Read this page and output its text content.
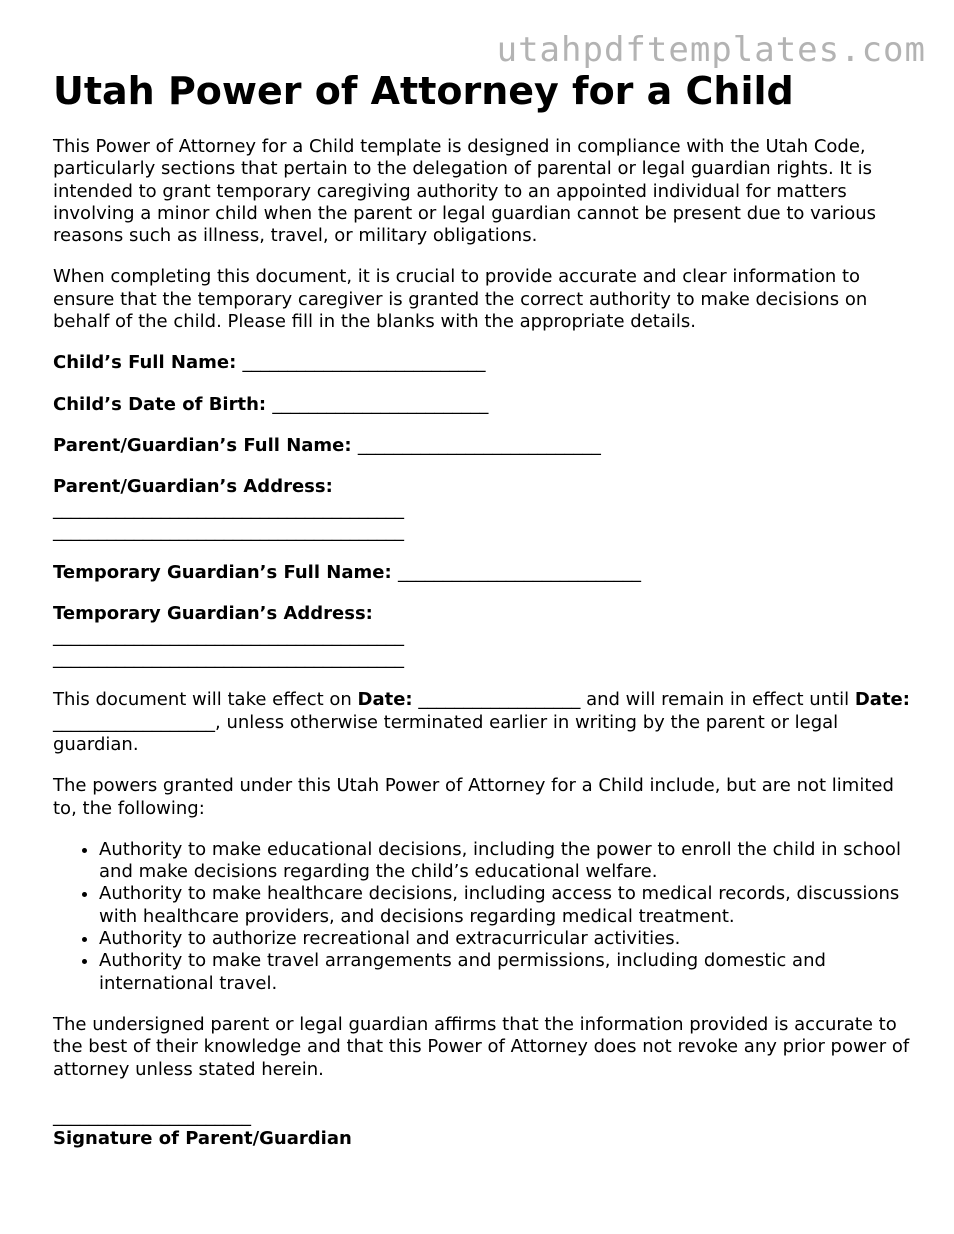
utahpdftemplates.com
Utah Power of Attorney for a Child

This Power of Attorney for a Child template is designed in compliance with the Utah Code, particularly sections that pertain to the delegation of parental or legal guardian rights. It is intended to grant temporary caregiving authority to an appointed individual for matters involving a minor child when the parent or legal guardian cannot be present due to various reasons such as illness, travel, or military obligations.

When completing this document, it is crucial to provide accurate and clear information to ensure that the temporary caregiver is granted the correct authority to make decisions on behalf of the child. Please fill in the blanks with the appropriate details.

Child’s Full Name: ___________________________
Child’s Date of Birth: ________________________
Parent/Guardian’s Full Name: ___________________________
Parent/Guardian’s Address:
_______________________________________
_______________________________________
Temporary Guardian’s Full Name: ___________________________
Temporary Guardian’s Address:
_______________________________________
_______________________________________

This document will take effect on Date: __________________ and will remain in effect until Date: __________________, unless otherwise terminated earlier in writing by the parent or legal guardian.

The powers granted under this Utah Power of Attorney for a Child include, but are not limited to, the following:

• Authority to make educational decisions, including the power to enroll the child in school and make decisions regarding the child’s educational welfare.
• Authority to make healthcare decisions, including access to medical records, discussions with healthcare providers, and decisions regarding medical treatment.
• Authority to authorize recreational and extracurricular activities.
• Authority to make travel arrangements and permissions, including domestic and international travel.

The undersigned parent or legal guardian affirms that the information provided is accurate to the best of their knowledge and that this Power of Attorney does not revoke any prior power of attorney unless stated herein.

______________________
Signature of Parent/Guardian
